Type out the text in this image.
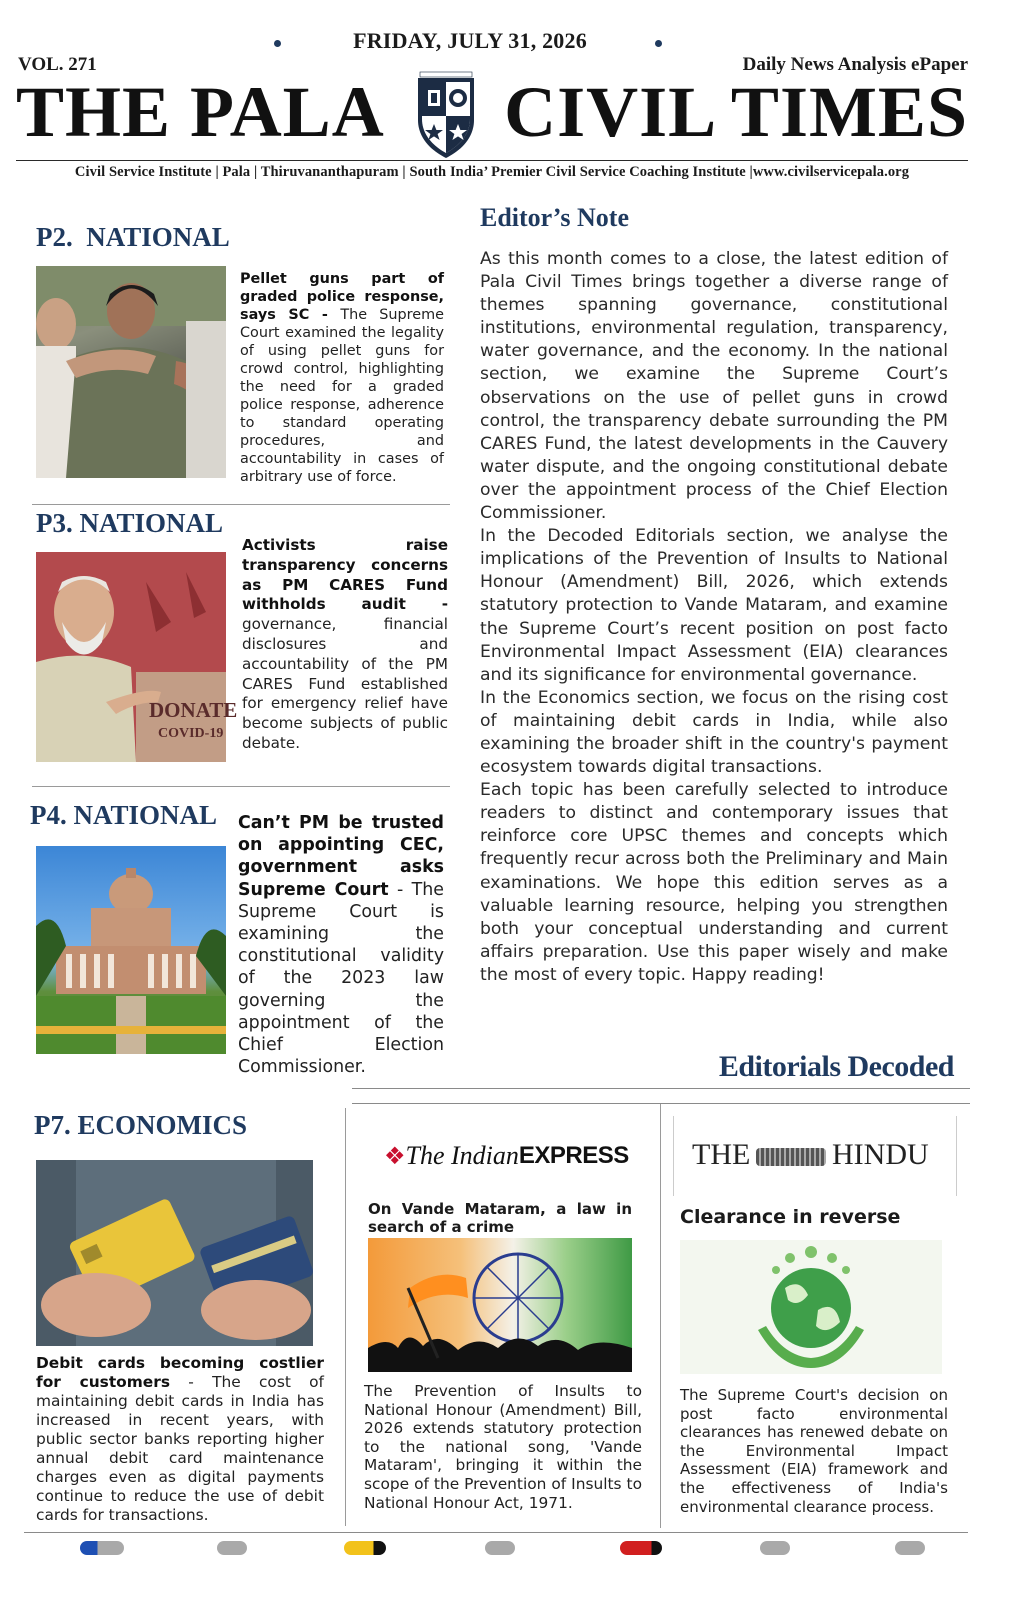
FRIDAY, JULY 31, 2026
VOL. 271	Daily News Analysis ePaper
THE PALA CIVIL TIMES
Civil Service Institute | Pala | Thiruvananthapuram | South India’ Premier Civil Service Coaching Institute |www.civilservicepala.org
P2.  NATIONAL
Pellet guns part of graded police response, says SC - The Supreme Court examined the legality of using pellet guns for crowd control, highlighting the need for a graded police response, adherence to standard operating procedures, and accountability in cases of arbitrary use of force.
P3. NATIONAL
DONATE
COVID-19
Activists raise transparency concerns as PM CARES Fund withholds audit - governance, financial disclosures and accountability of the PM CARES Fund established for emergency relief have become subjects of public debate.
P4. NATIONAL Can’t PM be trusted on appointing CEC, government asks Supreme Court - The Supreme Court is examining the constitutional validity of the 2023 law governing the appointment of the Chief Election Commissioner.
Editor’s Note

As this month comes to a close, the latest edition of Pala Civil Times brings together a diverse range of themes spanning governance, constitutional institutions, environmental regulation, transparency, water governance, and the economy. In the national section, we examine the Supreme Court’s observations on the use of pellet guns in crowd control, the transparency debate surrounding the PM CARES Fund, the latest developments in the Cauvery water dispute, and the ongoing constitutional debate over the appointment process of the Chief Election Commissioner.

In the Decoded Editorials section, we analyse the implications of the Prevention of Insults to National Honour (Amendment) Bill, 2026, which extends statutory protection to Vande Mataram, and examine the Supreme Court’s recent position on post facto Environmental Impact Assessment (EIA) clearances and its significance for environmental governance.

In the Economics section, we focus on the rising cost of maintaining debit cards in India, while also examining the broader shift in the country's payment ecosystem towards digital transactions.

Each topic has been carefully selected to introduce readers to distinct and contemporary issues that reinforce core UPSC themes and concepts which frequently recur across both the Preliminary and Main examinations. We hope this edition serves as a valuable learning resource, helping you strengthen both your conceptual understanding and current affairs preparation. Use this paper wisely and make the most of every topic. Happy reading!

Editorials Decoded
P7. ECONOMICS
Debit cards becoming costlier for customers - The cost of maintaining debit cards in India has increased in recent years, with public sector banks reporting higher annual debit card maintenance charges even as digital payments continue to reduce the use of debit cards for transactions.
❖The IndianEXPRESS
On Vande Mataram, a law in search of a crime
The Prevention of Insults to National Honour (Amendment) Bill, 2026 extends statutory protection to the national song, 'Vande Mataram', bringing it within the scope of the Prevention of Insults to National Honour Act, 1971.
THE	HINDU
Clearance in reverse
The Supreme Court's decision on post facto environmental clearances has renewed debate on the Environmental Impact Assessment (EIA) framework and the effectiveness of India's environmental clearance process.
